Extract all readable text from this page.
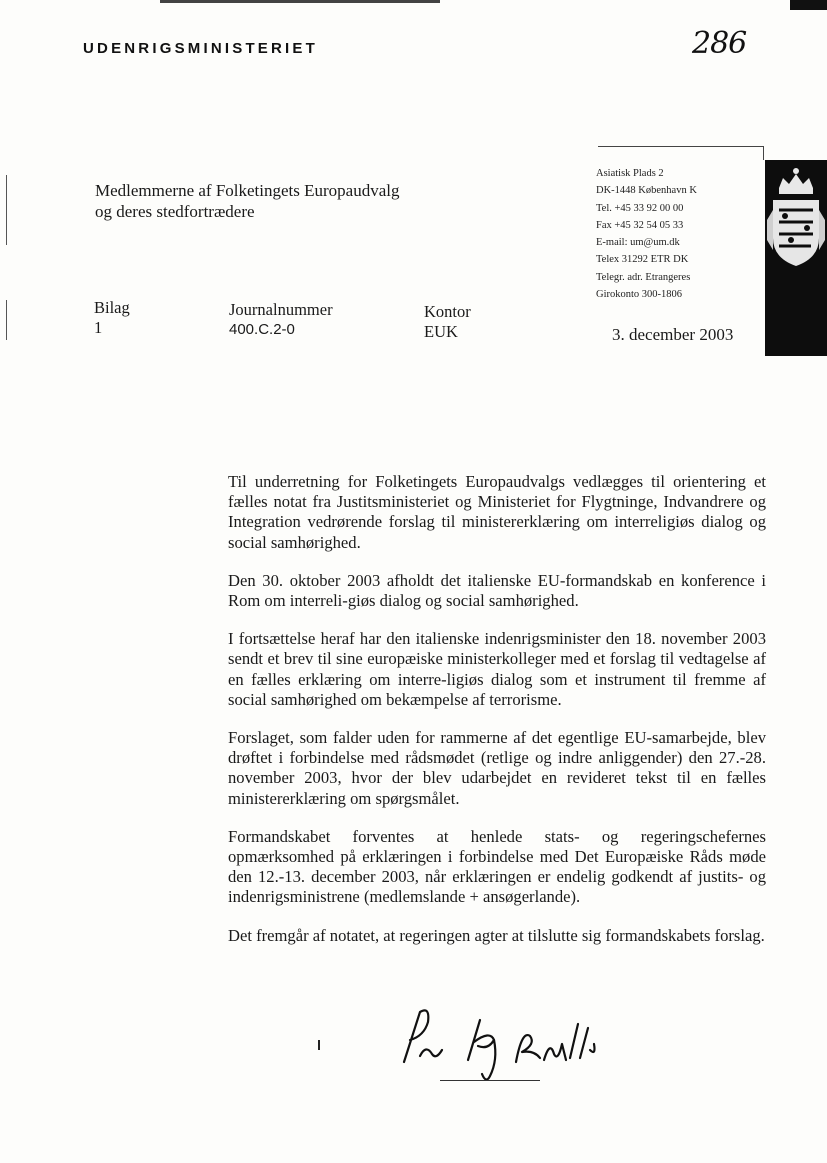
UDENRIGSMINISTERIET	286
Medlemmerne af Folketingets Europaudvalg
og deres stedfortrædere
Asiatisk Plads 2
DK-1448 København K
Tel. +45 33 92 00 00
Fax +45 32 54 05 33
E-mail: um@um.dk
Telex 31292 ETR DK
Telegr. adr. Etrangeres
Girokonto 300-1806
Bilag
1
Journalnummer
400.C.2-0
Kontor
EUK	3. december 2003

Til underretning for Folketingets Europaudvalgs vedlægges til orientering et fælles notat fra Justitsministeriet og Ministeriet for Flygtninge, Indvandrere og Integration vedrørende forslag til ministererklæring om interreligiøs dialog og social samhørighed.

Den 30. oktober 2003 afholdt det italienske EU-formandskab en konference i Rom om interreli-giøs dialog og social samhørighed.

I fortsættelse heraf har den italienske indenrigsminister den 18. november 2003 sendt et brev til sine europæiske ministerkolleger med et forslag til vedtagelse af en fælles erklæring om interre-ligiøs dialog som et instrument til fremme af social samhørighed om bekæmpelse af terrorisme.

Forslaget, som falder uden for rammerne af det egentlige EU-samarbejde, blev drøftet i forbindelse med rådsmødet (retlige og indre anliggender) den 27.-28. november 2003, hvor der blev udarbejdet en revideret tekst til en fælles ministererklæring om spørgsmålet.

Formandskabet forventes at henlede stats- og regeringschefernes opmærksomhed på erklæringen i forbindelse med Det Europæiske Råds møde den 12.-13. december 2003, når erklæringen er endelig godkendt af justits- og indenrigsministrene (medlemslande + ansøgerlande).

Det fremgår af notatet, at regeringen agter at tilslutte sig formandskabets forslag.
